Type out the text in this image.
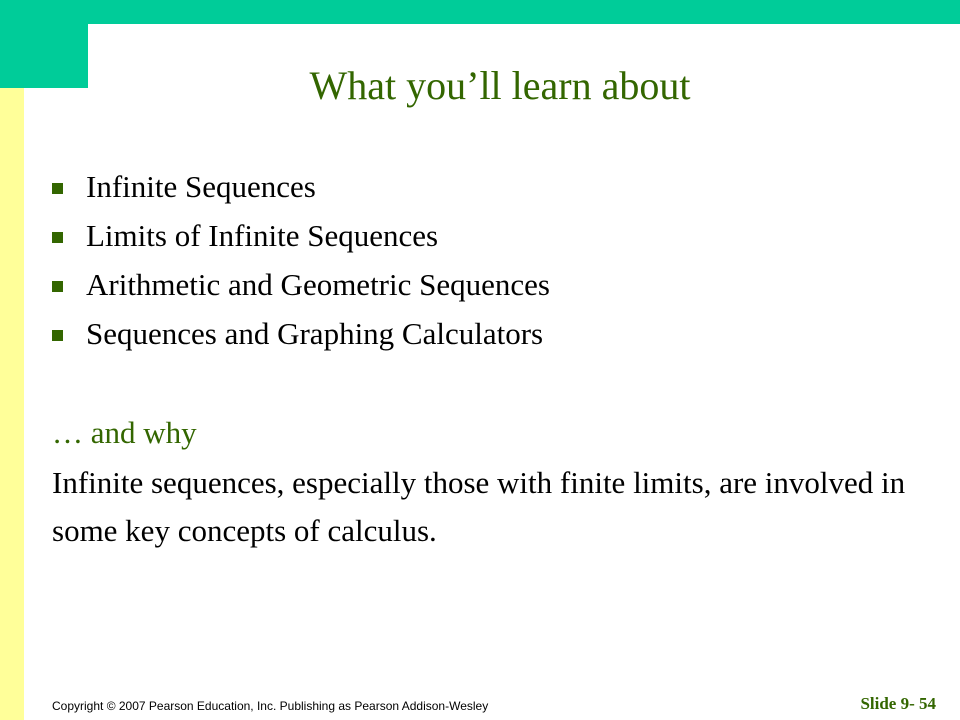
What you’ll learn about
Infinite Sequences
Limits of Infinite Sequences
Arithmetic and Geometric Sequences
Sequences and Graphing Calculators
… and why
Infinite sequences, especially those with finite limits, are involved in some key concepts of calculus.
Copyright © 2007 Pearson Education, Inc. Publishing as Pearson Addison-Wesley	Slide 9- 54
